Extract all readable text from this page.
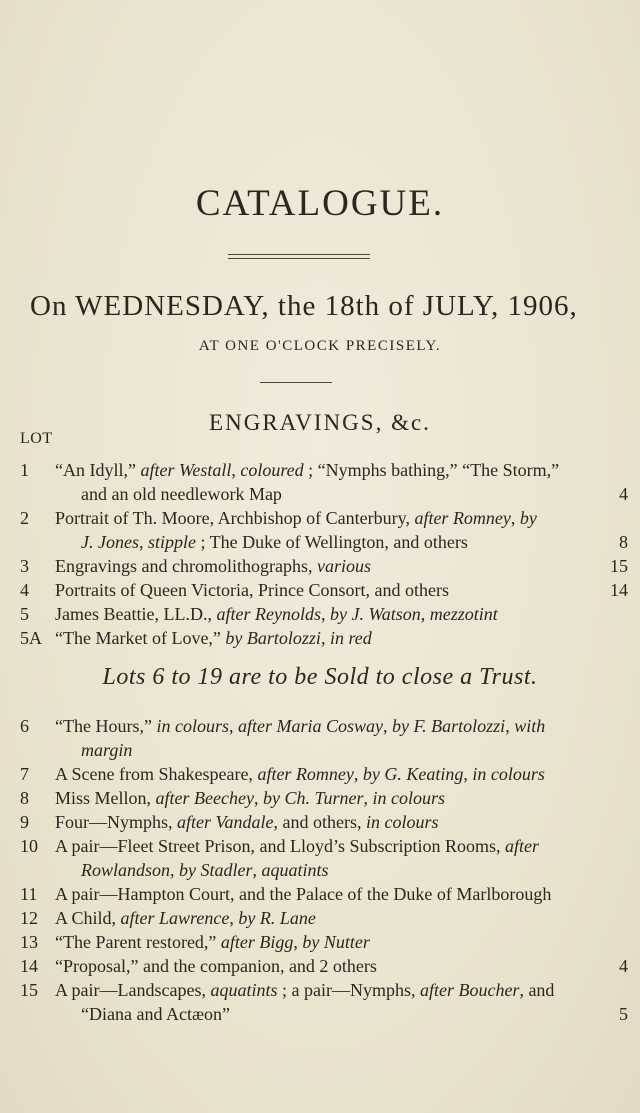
CATALOGUE.
On WEDNESDAY, the 18th of JULY, 1906,
AT ONE O'CLOCK PRECISELY.
ENGRAVINGS, &c.
LOT
1	“An Idyll,” after Westall, coloured ; “Nymphs bathing,” “The Storm,”
and an old needlework Map	4
2	Portrait of Th. Moore, Archbishop of Canterbury, after Romney, by
J. Jones, stipple ; The Duke of Wellington, and others	8
3	Engravings and chromolithographs, various	15
4	Portraits of Queen Victoria, Prince Consort, and others	14
5	James Beattie, LL.D., after Reynolds, by J. Watson, mezzotint
5A “The Market of Love,” by Bartolozzi, in red
Lots 6 to 19 are to be Sold to close a Trust.
6	“The Hours,” in colours, after Maria Cosway, by F. Bartolozzi, with
margin
7	A Scene from Shakespeare, after Romney, by G. Keating, in colours
8	Miss Mellon, after Beechey, by Ch. Turner, in colours
9	Four—Nymphs, after Vandale, and others, in colours
10 A pair—Fleet Street Prison, and Lloyd’s Subscription Rooms, after
Rowlandson, by Stadler, aquatints
11 A pair—Hampton Court, and the Palace of the Duke of Marlborough
12 A Child, after Lawrence, by R. Lane
13 “The Parent restored,” after Bigg, by Nutter
14 “Proposal,” and the companion, and 2 others	4
15 A pair—Landscapes, aquatints ; a pair—Nymphs, after Boucher, and
“Diana and Actæon”	5
